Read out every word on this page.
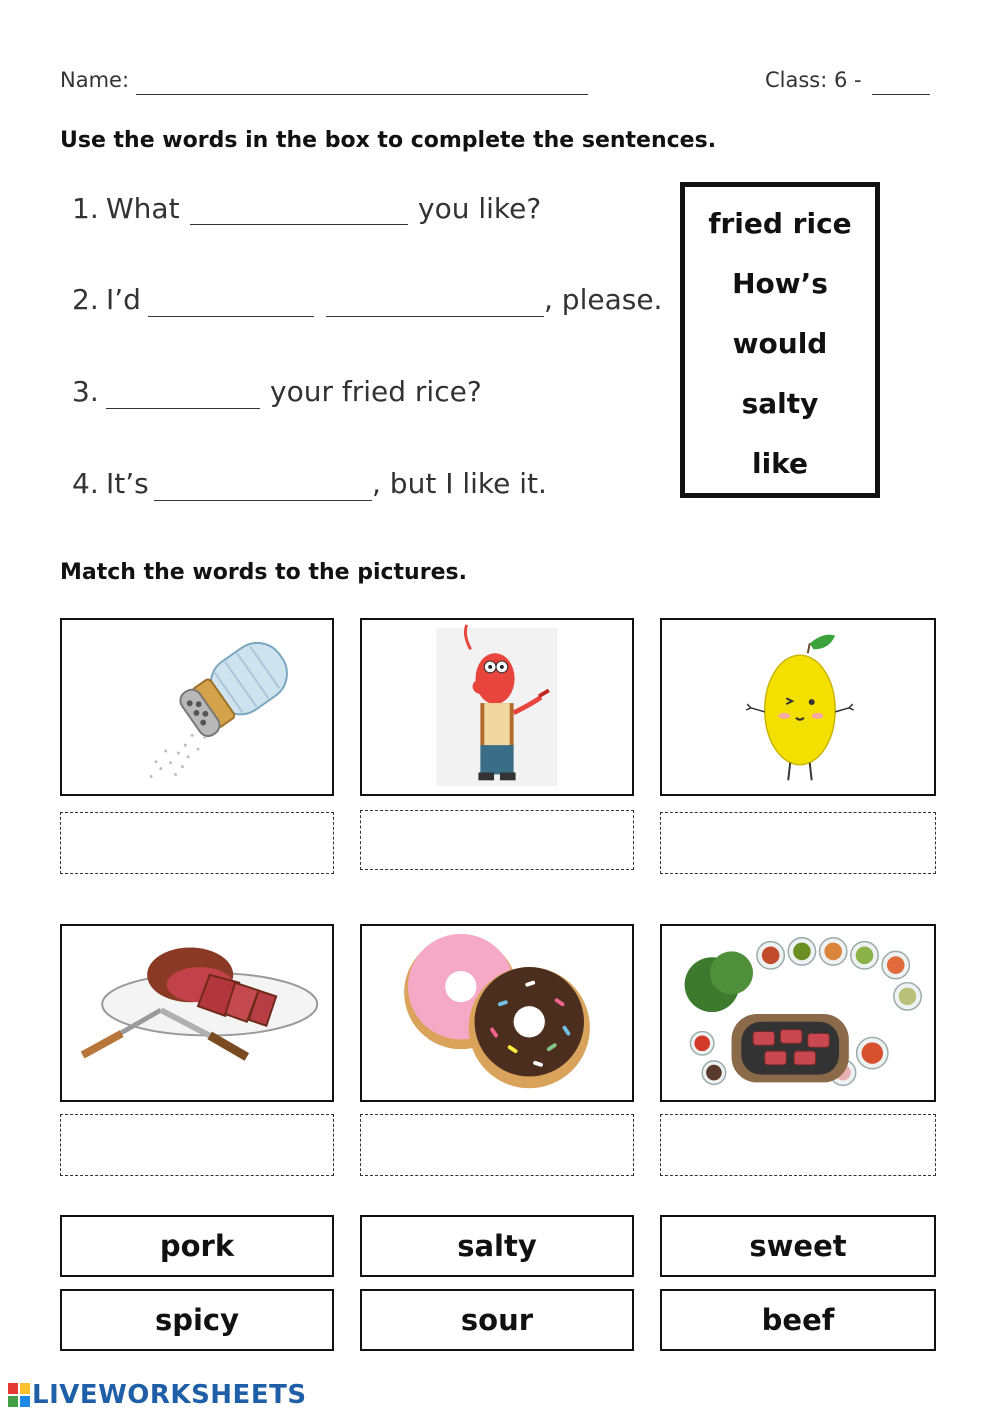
Name:	Class: 6 -
Use the words in the box to complete the sentences.
1. What	you like?
2. I’d	, please.
3.	your fried rice?
4. It’s	, but I like it.
fried rice
How’s
would
salty
like
Match the words to the pictures.
pork	salty	sweet
spicy	sour	beef
LIVEWORKSHEETS
